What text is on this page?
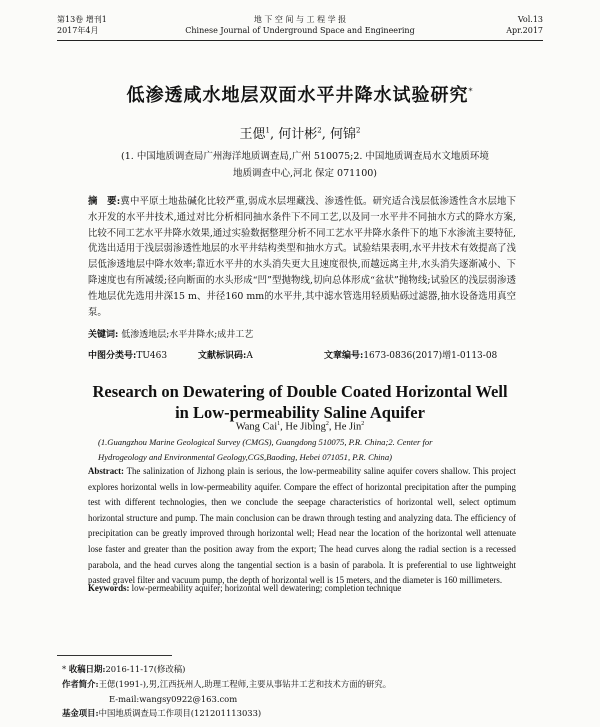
第13卷 增刊1
2017年4月
地 下 空 间 与 工 程 学 报
Chinese Journal of Underground Space and Engineering
Vol.13
Apr.2017
低渗透咸水地层双面水平井降水试验研究*
王偲$^1$, 何计彬$^2$, 何锦$^2$
(1. 中国地质调查局广州海洋地质调查局,广州 510075;2. 中国地质调查局水文地质环境
地质调查中心,河北 保定 071100)
摘　要:冀中平原土地盐碱化比较严重,弱成水层埋藏浅、渗透性低。研究适合浅层低渗透性含水层地下水开发的水平井技术,通过对比分析相同抽水条件下不同工艺,以及同一水平井不同抽水方式的降水方案,比较不同工艺水平井降水效果,通过实验数据整理分析不同工艺水平井降水条件下的地下水渗流主要特征,优选出适用于浅层弱渗透性地层的水平井结构类型和抽水方式。试验结果表明,水平井技术有效提高了浅层低渗透地层中降水效率;靠近水平井的水头消失更大且速度很快,而越远离主井,水头消失逐渐减小、下降速度也有所减缓;径向断面的水头形成“凹”型抛物线,切向总体形成“盆状”抛物线;试验区的浅层弱渗透性地层优先选用井深15 m、井径160 mm的水平井,其中滤水管选用轻质贴砾过滤器,抽水设备选用真空泵。
关键词: 低渗透地层;水平井降水;成井工艺
中图分类号:TU463	文献标识码:A	文章编号:1673-0836(2017)增1-0113-08
Research on Dewatering of Double Coated Horizontal Well
in Low-permeability Saline Aquifer
Wang Cai$^1$, He Jibing$^2$, He Jin$^2$
(1.Guangzhou Marine Geological Survey (CMGS), Guangdong 510075, P.R. China;2. Center for
Hydrogeology and Environmental Geology,CGS,Baoding, Hebei 071051, P.R. China)
Abstract: The salinization of Jizhong plain is serious, the low-permeability saline aquifer covers shallow. This project explores horizontal wells in low-permeability aquifer. Compare the effect of horizontal precipitation after the pumping test with different technologies, then we conclude the seepage characteristics of horizontal well, select optimum horizontal structure and pump. The main conclusion can be drawn through testing and analyzing data. The efficiency of precipitation can be greatly improved through horizontal well; Head near the location of the horizontal well attenuate lose faster and greater than the position away from the export; The head curves along the radial section is a recessed parabola, and the head curves along the tangential section is a basin of parabola. It is preferential to use lightweight pasted gravel filter and vacuum pump, the depth of horizontal well is 15 meters, and the diameter is 160 millimeters.
Keywords: low-permeability aquifer; horizontal well dewatering; completion technique
* 收稿日期:2016-11-17(修改稿)
作者简介:王偲(1991-),男,江西抚州人,助理工程师,主要从事钻井工艺和技术方面的研究。
E-mail:wangsy0922@163.com
基金项目:中国地质调查局工作项目(121201113033)
